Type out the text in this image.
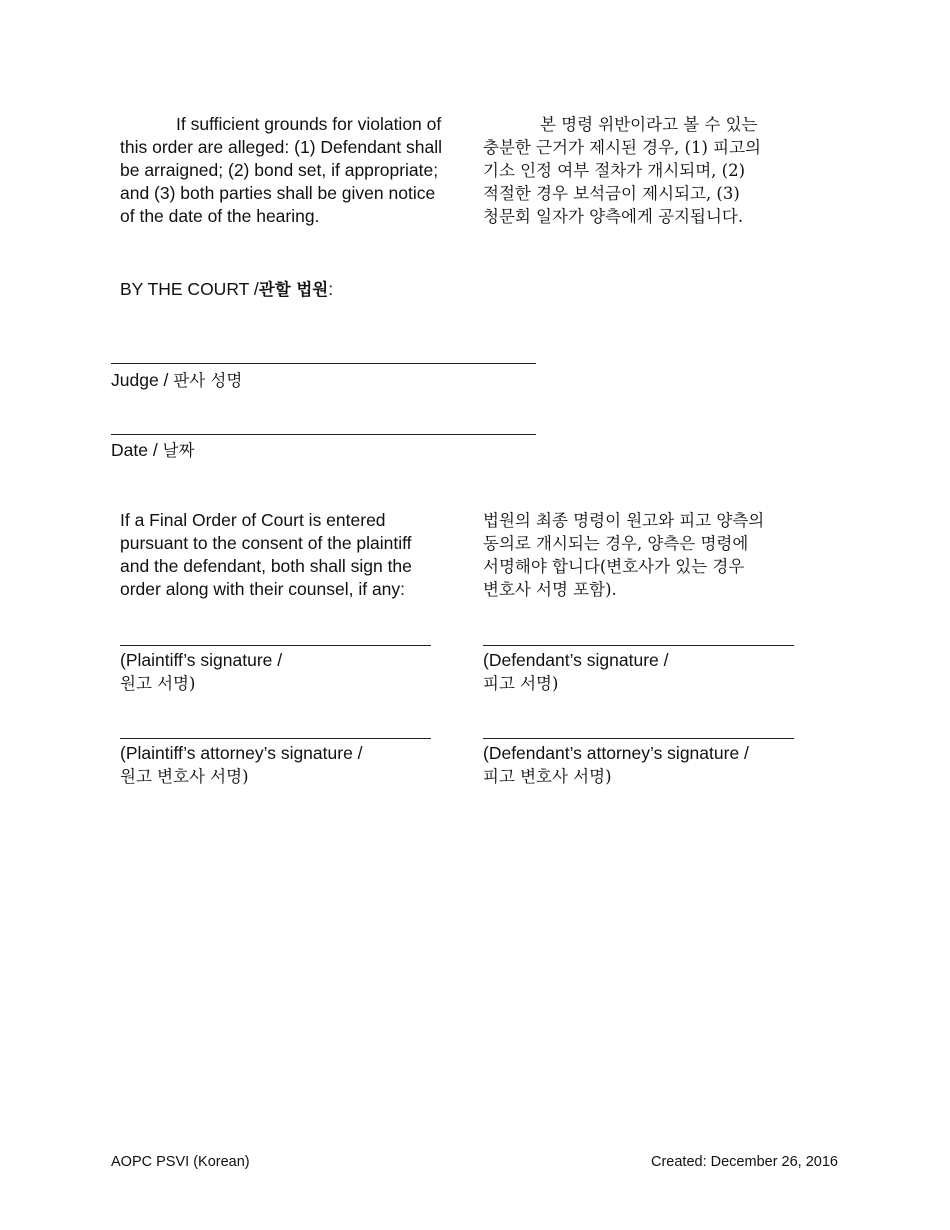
If sufficient grounds for violation of
this order are alleged: (1) Defendant shall
be arraigned; (2) bond set, if appropriate;
and (3) both parties shall be given notice
of the date of the hearing.
본 명령 위반이라고 볼 수 있는
충분한 근거가 제시된 경우, (1) 피고의
기소 인정 여부 절차가 개시되며, (2)
적절한 경우 보석금이 제시되고, (3)
청문회 일자가 양측에게 공지됩니다.
BY THE COURT /관할 법원:
Judge / 판사 성명
Date / 날짜
If a Final Order of Court is entered
pursuant to the consent of the plaintiff
and the defendant, both shall sign the
order along with their counsel, if any:
법원의 최종 명령이 원고와 피고 양측의
동의로 개시되는 경우, 양측은 명령에
서명해야 합니다(변호사가 있는 경우
변호사 서명 포함).
(Plaintiff’s signature /
원고 서명)
(Defendant’s signature /
피고 서명)
(Plaintiff’s attorney’s signature /
원고 변호사 서명)
(Defendant’s attorney’s signature /
피고 변호사 서명)
AOPC PSVI (Korean)	Created: December 26, 2016
